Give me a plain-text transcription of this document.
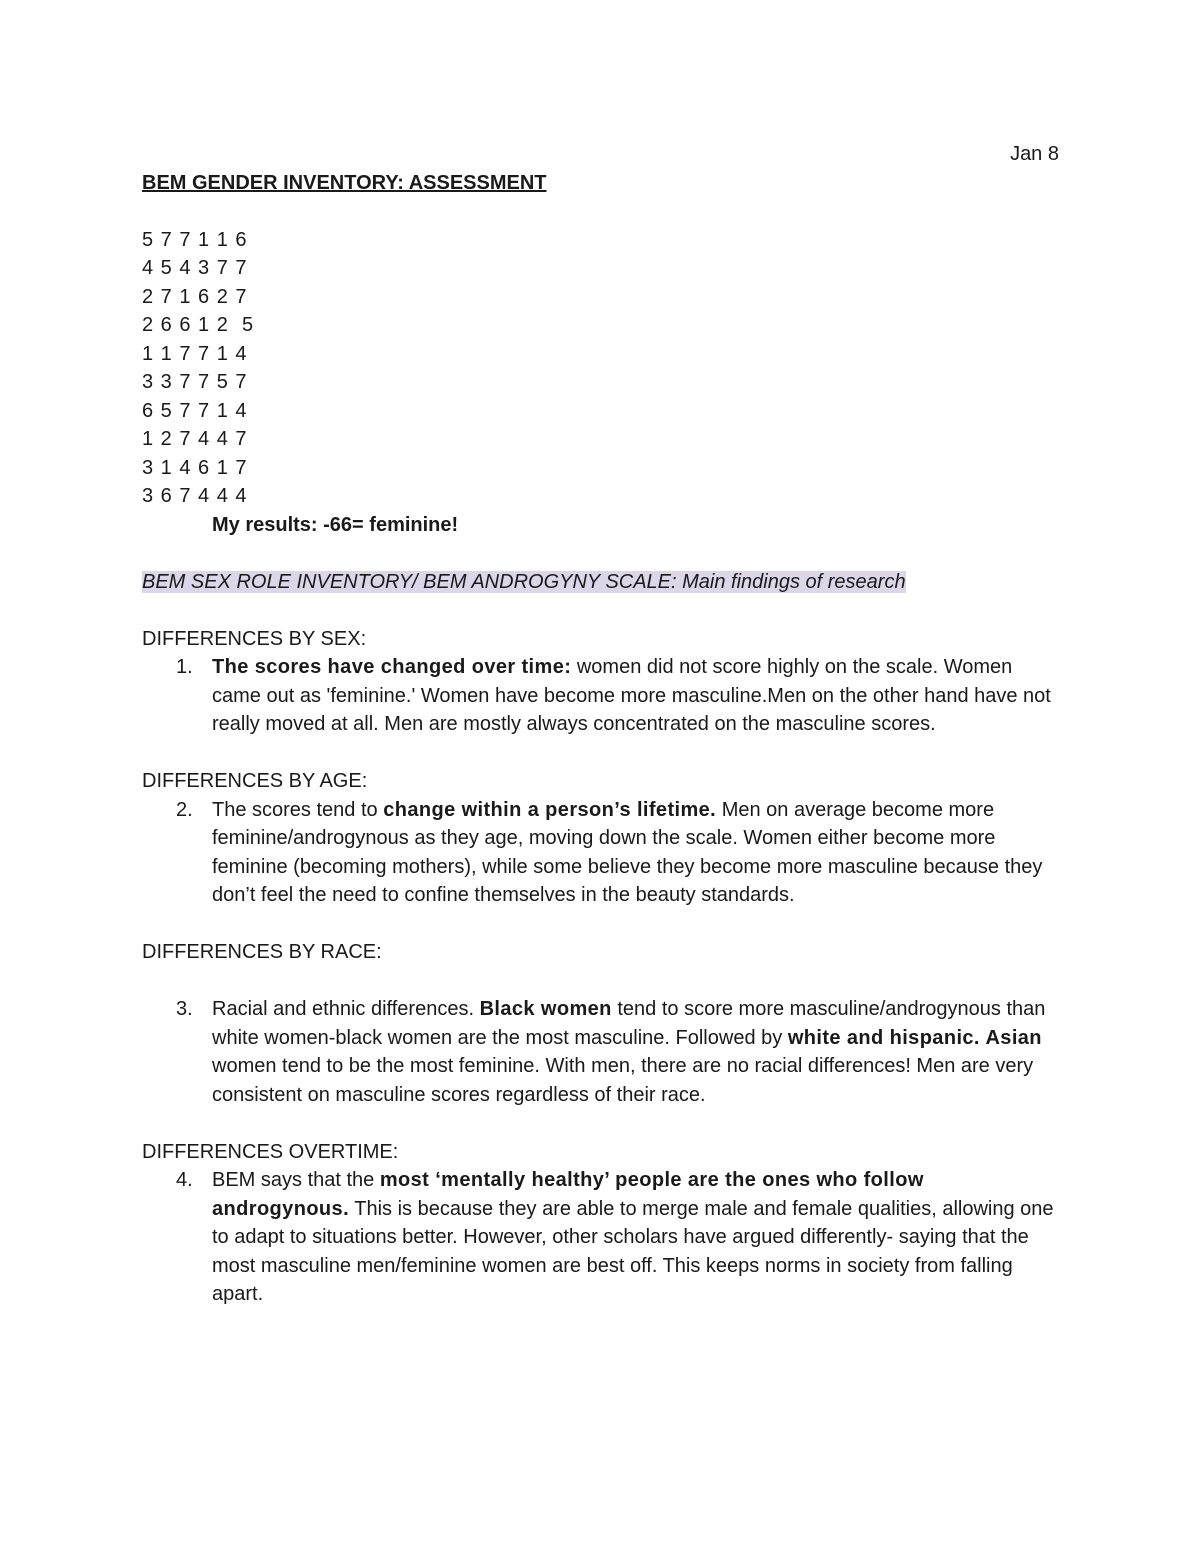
Jan 8
BEM GENDER INVENTORY: ASSESSMENT
5 7 7 1 1 6
4 5 4 3 7 7
2 7 1 6 2 7
2 6 6 1 2  5
1 1 7 7 1 4
3 3 7 7 5 7
6 5 7 7 1 4
1 2 7 4 4 7
3 1 4 6 1 7
3 6 7 4 4 4
My results: -66= feminine!
BEM SEX ROLE INVENTORY/ BEM ANDROGYNY SCALE: Main findings of research
DIFFERENCES BY SEX:
1. The scores have changed over time: women did not score highly on the scale. Women came out as 'feminine.' Women have become more masculine.Men on the other hand have not really moved at all. Men are mostly always concentrated on the masculine scores.
DIFFERENCES BY AGE:
2. The scores tend to change within a person’s lifetime. Men on average become more feminine/androgynous as they age, moving down the scale. Women either become more feminine (becoming mothers), while some believe they become more masculine because they don’t feel the need to confine themselves in the beauty standards.
DIFFERENCES BY RACE:
3. Racial and ethnic differences. Black women tend to score more masculine/androgynous than white women-black women are the most masculine. Followed by white and hispanic. Asian women tend to be the most feminine. With men, there are no racial differences! Men are very consistent on masculine scores regardless of their race.
DIFFERENCES OVERTIME:
4. BEM says that the most ‘mentally healthy’ people are the ones who follow androgynous. This is because they are able to merge male and female qualities, allowing one to adapt to situations better. However, other scholars have argued differently- saying that the most masculine men/feminine women are best off. This keeps norms in society from falling apart.
